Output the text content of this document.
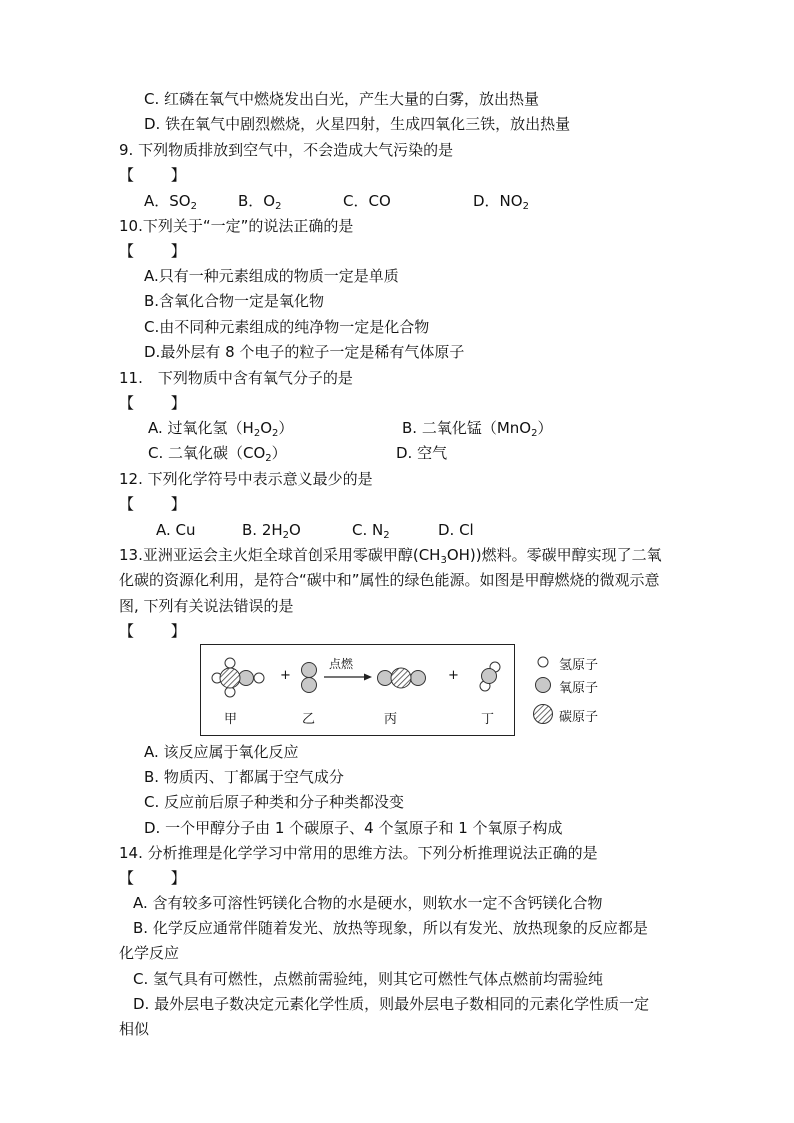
C. 红磷在氧气中燃烧发出白光，产生大量的白雾，放出热量
D. 铁在氧气中剧烈燃烧，火星四射，生成四氧化三铁，放出热量
9. 下列物质排放到空气中，不会造成大气污染的是
【 】
A．$SO_2$	B．$O_2$	C．CO	D．$NO_2$
10.下列关于“一定”的说法正确的是
【 】
A.只有一种元素组成的物质一定是单质
B.含氧化合物一定是氧化物
C.由不同种元素组成的纯净物一定是化合物
D.最外层有 8 个电子的粒子一定是稀有气体原子
11.　下列物质中含有氧气分子的是
【 】
A. 过氧化氢$(H_2O_2)$	B. 二氧化锰（MnO$_2$）
C. 二氧化碳$(CO_2)$	D. 空气
12. 下列化学符号中表示意义最少的是
【 】
A. Cu	B. $2H_2O$	C. $N_2$	D. Cl
13.亚洲亚运会主火炬全球首创采用零碳甲醇$(CH_3OH)$)燃料。零碳甲醇实现了二氧
化碳的资源化利用，是符合“碳中和”属性的绿色能源。如图是甲醇燃烧的微观示意
图, 下列有关说法错误的是
【 】
+
点燃
+
甲	乙	丙	丁
氢原子
氧原子
碳原子
A. 该反应属于氧化反应
B. 物质丙、丁都属于空气成分
C. 反应前后原子种类和分子种类都没变
D. 一个甲醇分子由 1 个碳原子、4 个氢原子和 1 个氧原子构成
14. 分析推理是化学学习中常用的思维方法。下列分析推理说法正确的是
【 】
A. 含有较多可溶性钙镁化合物的水是硬水，则软水一定不含钙镁化合物
B. 化学反应通常伴随着发光、放热等现象，所以有发光、放热现象的反应都是
化学反应
C. 氢气具有可燃性，点燃前需验纯，则其它可燃性气体点燃前均需验纯
D. 最外层电子数决定元素化学性质，则最外层电子数相同的元素化学性质一定
相似
